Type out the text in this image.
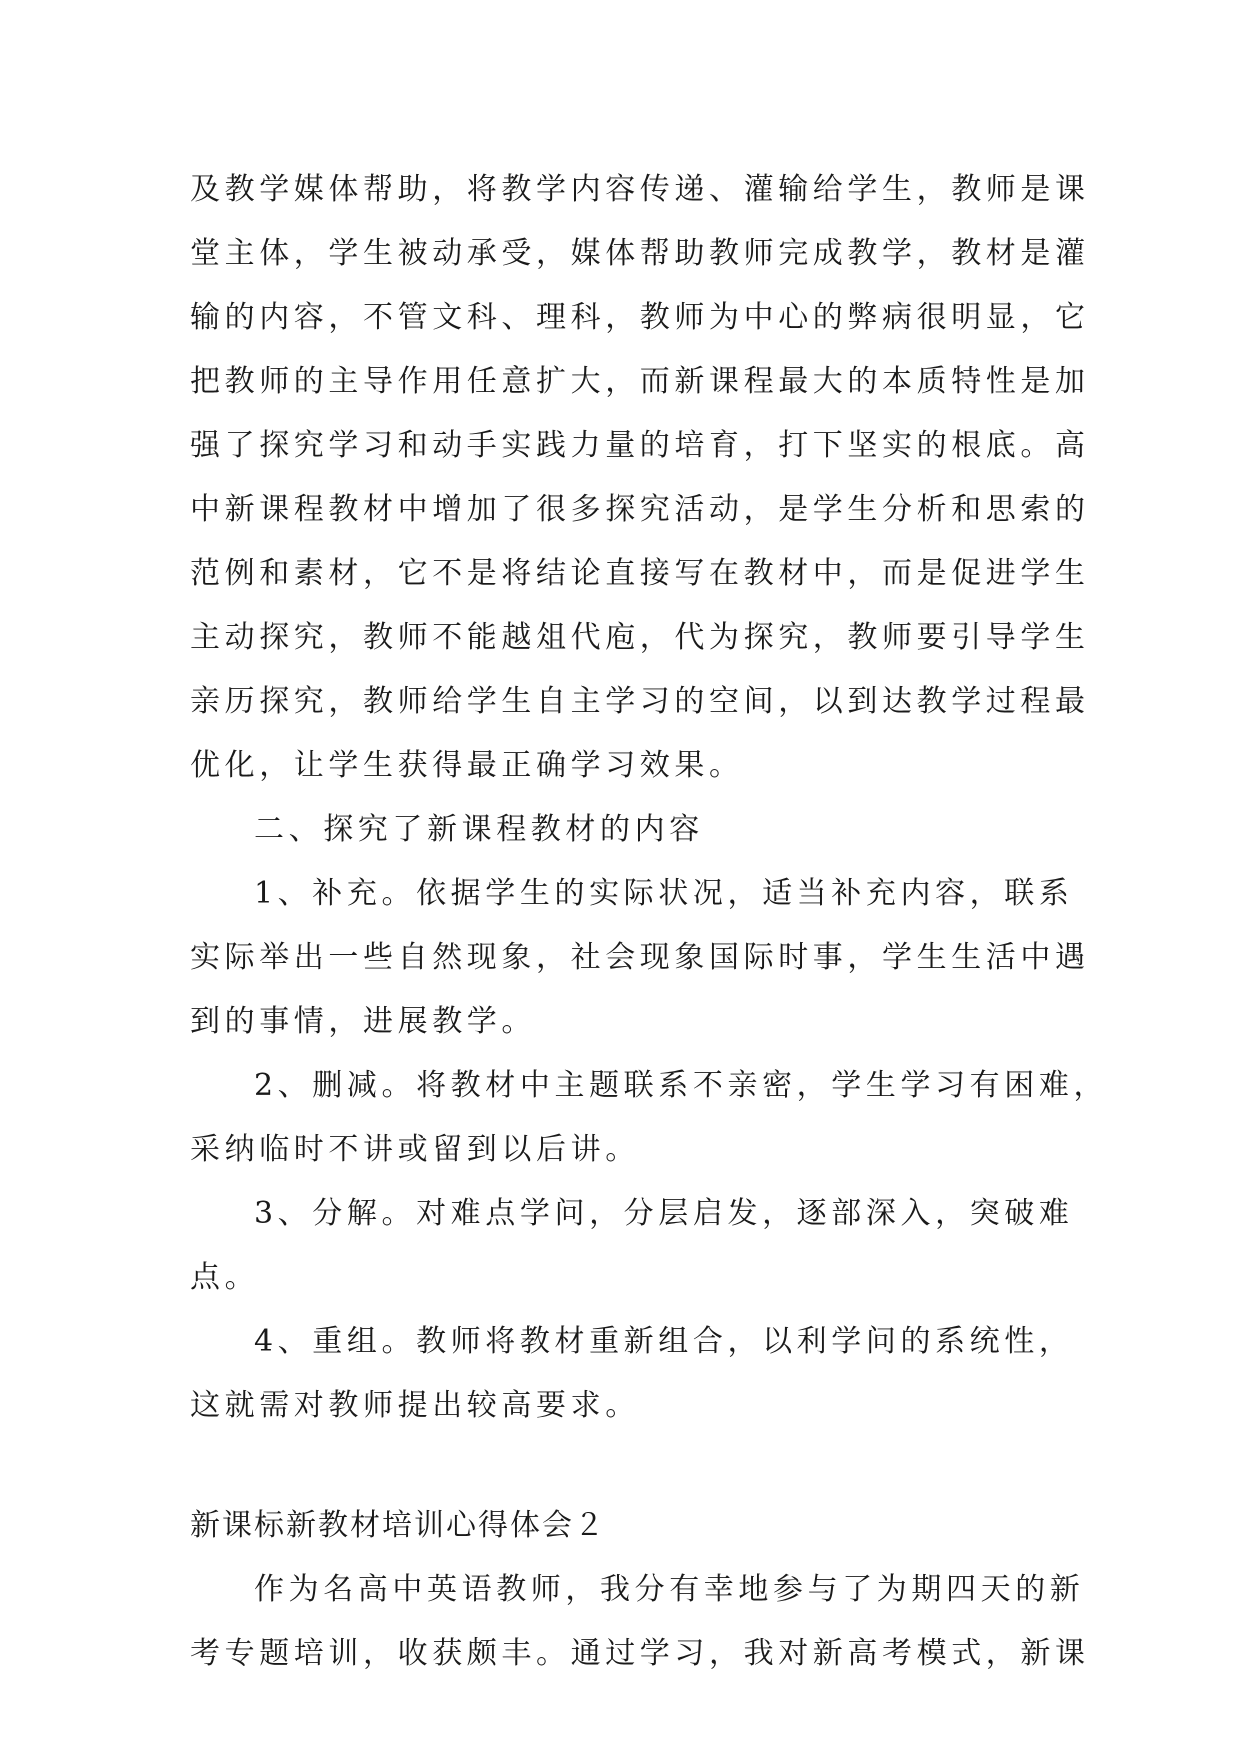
及教学媒体帮助，将教学内容传递、灌输给学生，教师是课
堂主体，学生被动承受，媒体帮助教师完成教学，教材是灌
输的内容，不管文科、理科，教师为中心的弊病很明显，它
把教师的主导作用任意扩大，而新课程最大的本质特性是加
强了探究学习和动手实践力量的培育，打下坚实的根底。高
中新课程教材中增加了很多探究活动，是学生分析和思索的
范例和素材，它不是将结论直接写在教材中，而是促进学生
主动探究，教师不能越俎代庖，代为探究，教师要引导学生
亲历探究，教师给学生自主学习的空间，以到达教学过程最
优化，让学生获得最正确学习效果。
二、探究了新课程教材的内容
1、补充。依据学生的实际状况，适当补充内容，联系
实际举出一些自然现象，社会现象国际时事，学生生活中遇
到的事情，进展教学。
2、删减。将教材中主题联系不亲密，学生学习有困难，
采纳临时不讲或留到以后讲。
3、分解。对难点学问，分层启发，逐部深入，突破难
点。
4、重组。教师将教材重新组合，以利学问的系统性，
这就需对教师提出较高要求。
新课标新教材培训心得体会２
作为名高中英语教师，我分有幸地参与了为期四天的新
考专题培训，收获颇丰。通过学习，我对新高考模式，新课
